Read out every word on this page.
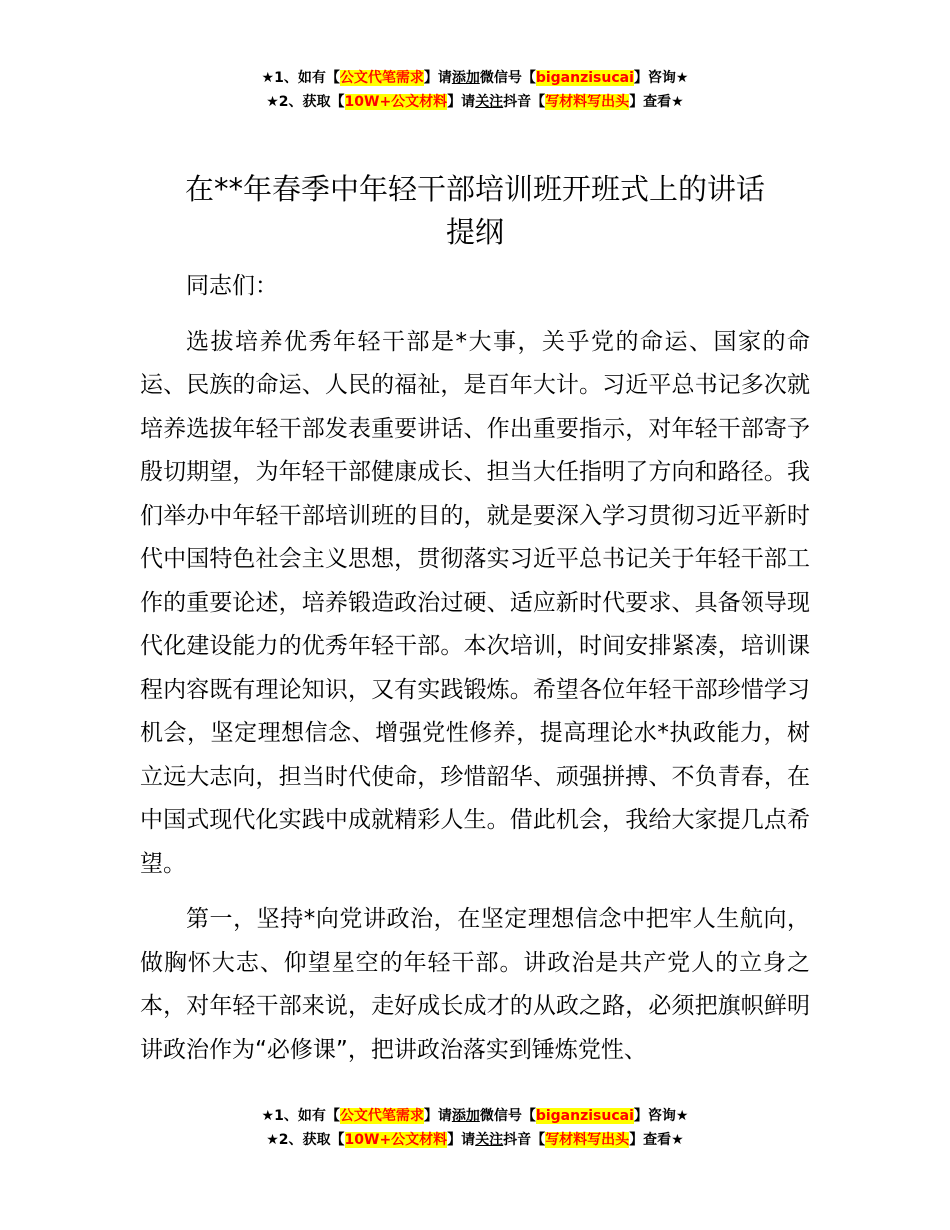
★1、如有【公文代笔需求】请添加微信号【biganzisucai】咨询★
★2、获取【10W+公文材料】请关注抖音【写材料写出头】查看★
在**年春季中年轻干部培训班开班式上的讲话
提纲

同志们：

选拔培养优秀年轻干部是*大事，关乎党的命运、国家的命运、民族的命运、人民的福祉，是百年大计。习近平总书记多次就培养选拔年轻干部发表重要讲话、作出重要指示，对年轻干部寄予殷切期望，为年轻干部健康成长、担当大任指明了方向和路径。我们举办中年轻干部培训班的目的，就是要深入学习贯彻习近平新时代中国特色社会主义思想，贯彻落实习近平总书记关于年轻干部工作的重要论述，培养锻造政治过硬、适应新时代要求、具备领导现代化建设能力的优秀年轻干部。本次培训，时间安排紧凑，培训课程内容既有理论知识，又有实践锻炼。希望各位年轻干部珍惜学习机会，坚定理想信念、增强党性修养，提高理论水*执政能力，树立远大志向，担当时代使命，珍惜韶华、顽强拼搏、不负青春，在中国式现代化实践中成就精彩人生。借此机会，我给大家提几点希望。

第一，坚持*向党讲政治，在坚定理想信念中把牢人生航向，做胸怀大志、仰望星空的年轻干部。讲政治是共产党人的立身之本，对年轻干部来说，走好成长成才的从政之路，必须把旗帜鲜明讲政治作为“必修课”，把讲政治落实到锤炼党性、

★1、如有【公文代笔需求】请添加微信号【biganzisucai】咨询★
★2、获取【10W+公文材料】请关注抖音【写材料写出头】查看★
